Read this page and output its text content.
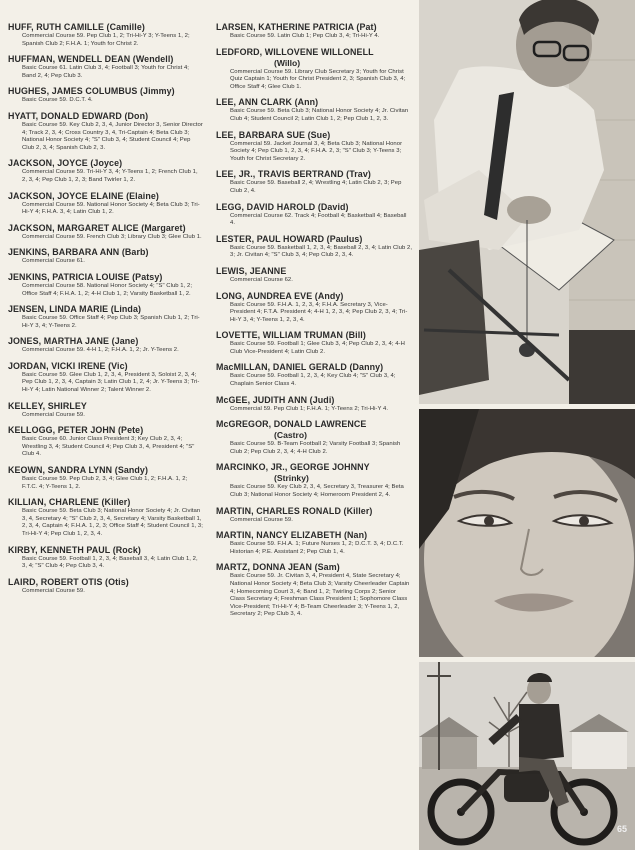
HUFF, RUTH CAMILLE (Camille)
Commercial Course 59. Pep Club 1, 2; Tri-Hi-Y 3; Y-Teens 1, 2; Spanish Club 2; F.H.A. 1; Youth for Christ 2.
HUFFMAN, WENDELL DEAN (Wendell)
Basic Course 61. Latin Club 3, 4; Football 3; Youth for Christ 4; Band 2, 4; Pep Club 3.
HUGHES, JAMES COLUMBUS (Jimmy)
Basic Course 59. D.C.T. 4.
HYATT, DONALD EDWARD (Don)
Basic Course 59. Key Club 2, 3, 4, Junior Director 3, Senior Director 4; Track 2, 3, 4; Cross Country 3, 4, Tri-Captain 4; Beta Club 3; National Honor Society 4; "S" Club 3, 4; Student Council 4; Pep Club 2, 3, 4; Spanish Club 2, 3.
JACKSON, JOYCE (Joyce)
Commercial Course 59. Tri-Hi-Y 3, 4; Y-Teens 1, 2; French Club 1, 2, 3, 4; Pep Club 1, 2, 3; Band Twirler 1, 2.
JACKSON, JOYCE ELAINE (Elaine)
Commercial Course 59. National Honor Society 4; Beta Club 3; Tri-Hi-Y 4; F.H.A. 3, 4; Latin Club 1, 2.
JACKSON, MARGARET ALICE (Margaret)
Commercial Course 59. French Club 3; Library Club 3; Glee Club 1.
JENKINS, BARBARA ANN (Barb)
Commercial Course 61.
JENKINS, PATRICIA LOUISE (Patsy)
Commercial Course 58. National Honor Society 4; "S" Club 1, 2; Office Staff 4; F.H.A. 1, 2; 4-H Club 1, 2; Varsity Basketball 1, 2.
JENSEN, LINDA MARIE (Linda)
Basic Course 59. Office Staff 4; Pep Club 3; Spanish Club 1, 2; Tri-Hi-Y 3, 4; Y-Teens 2.
JONES, MARTHA JANE (Jane)
Commercial Course 59. 4-H 1, 2; F.H.A. 1, 2; Jr. Y-Teens 2.
JORDAN, VICKI IRENE (Vic)
Basic Course 59. Glee Club 1, 2, 3, 4, President 3, Soloist 2, 3, 4; Pep Club 1, 2, 3, 4, Captain 3; Latin Club 1, 2, 4; Jr. Y-Teens 3; Tri-Hi-Y 4; Latin National Winner 2; Talent Winner 2.
KELLEY, SHIRLEY
Commercial Course 59.
KELLOGG, PETER JOHN (Pete)
Basic Course 60. Junior Class President 3; Key Club 2, 3, 4; Wrestling 3, 4; Student Council 4; Pep Club 3, 4, President 4; "S" Club 4.
KEOWN, SANDRA LYNN (Sandy)
Basic Course 59. Pep Club 2, 3, 4; Glee Club 1, 2; F.H.A. 1, 2; F.T.C. 4; Y-Teens 1, 2.
KILLIAN, CHARLENE (Killer)
Basic Course 59. Beta Club 3; National Honor Society 4; Jr. Civitan 3, 4, Secretary 4; "S" Club 2, 3, 4, Secretary 4; Varsity Basketball 1, 2, 3, 4, Captain 4; F.H.A. 1, 2, 3; Office Staff 4; Student Council 1, 3; Tri-Hi-Y 4; Pep Club 1, 2, 3, 4.
KIRBY, KENNETH PAUL (Rock)
Basic Course 59. Football 1, 2, 3, 4; Baseball 3, 4; Latin Club 1, 2, 3, 4; "S" Club 4; Pep Club 3, 4.
LAIRD, ROBERT OTIS (Otis)
Commercial Course 59.
LARSEN, KATHERINE PATRICIA (Pat)
Basic Course 59. Latin Club 1; Pep Club 3, 4; Tri-Hi-Y 4.
LEDFORD, WILLOVENE WILLONELL
(Willo)
Commercial Course 59. Library Club Secretary 3; Youth for Christ Quiz Captain 1; Youth for Christ President 2, 3; Spanish Club 3, 4; Office Staff 4; Glee Club 1.
LEE, ANN CLARK (Ann)
Basic Course 59. Beta Club 3; National Honor Society 4; Jr. Civitan Club 4; Student Council 2; Latin Club 1, 2; Pep Club 1, 2, 3.
LEE, BARBARA SUE (Sue)
Commercial 59. Jacket Journal 3, 4; Beta Club 3; National Honor Society 4; Pep Club 1, 2, 3, 4; F.H.A. 2, 3; "S" Club 3; Y-Teens 3; Youth for Christ Secretary 2.
LEE, JR., TRAVIS BERTRAND (Trav)
Basic Course 59. Baseball 2, 4; Wrestling 4; Latin Club 2, 3; Pep Club 2, 4.
LEGG, DAVID HAROLD (David)
Commercial Course 62. Track 4; Football 4; Basketball 4; Baseball 4.
LESTER, PAUL HOWARD (Paulus)
Basic Course 59. Basketball 1, 2, 3, 4; Baseball 2, 3, 4; Latin Club 2, 3; Jr. Civitan 4; "S" Club 3, 4; Pep Club 2, 3, 4.
LEWIS, JEANNE
Commercial Course 62.
LONG, AUNDREA EVE (Andy)
Basic Course 59. F.H.A. 1, 2, 3, 4; F.H.A. Secretary 3, Vice-President 4; F.T.A. President 4; 4-H 1, 2, 3, 4; Pep Club 2, 3, 4; Tri-Hi-Y 3, 4; Y-Teens 1, 2, 3, 4.
LOVETTE, WILLIAM TRUMAN (Bill)
Basic Course 59. Football 1; Glee Club 3, 4; Pep Club 2, 3, 4; 4-H Club Vice-President 4; Latin Club 2.
MacMILLAN, DANIEL GERALD (Danny)
Basic Course 59. Football 1, 2, 3, 4; Key Club 4; "S" Club 3, 4; Chaplain Senior Class 4.
McGEE, JUDITH ANN (Judi)
Commercial 59. Pep Club 1; F.H.A. 1; Y-Teens 2; Tri-Hi-Y 4.
McGREGOR, DONALD LAWRENCE
(Castro)
Basic Course 59. B-Team Football 2; Varsity Football 3; Spanish Club 2; Pep Club 2, 3, 4; 4-H Club 2.
MARCINKO, JR., GEORGE JOHNNY
(Strinky)
Basic Course 59. Key Club 2, 3, 4, Secretary 3, Treasurer 4; Beta Club 3; National Honor Society 4; Homeroom President 2, 4.
MARTIN, CHARLES RONALD (Killer)
Commercial Course 59.
MARTIN, NANCY ELIZABETH (Nan)
Basic Course 59. F.H.A. 1; Future Nurses 1, 2; D.C.T. 3, 4; D.C.T. Historian 4; P.E. Assistant 2; Pep Club 1, 4.
MARTZ, DONNA JEAN (Sam)
Basic Course 59. Jr. Civitan 3, 4, President 4, State Secretary 4; National Honor Society 4; Beta Club 3; Varsity Cheerleader Captain 4; Homecoming Court 3, 4; Band 1, 2; Twirling Corps 2; Senior Class Secretary 4; Freshman Class President 1; Sophomore Class Vice-President; Tri-Hi-Y 4; B-Team Cheerleader 3; Y-Teens 1, 2, Secretary 2; Pep Club 3, 4.
65
